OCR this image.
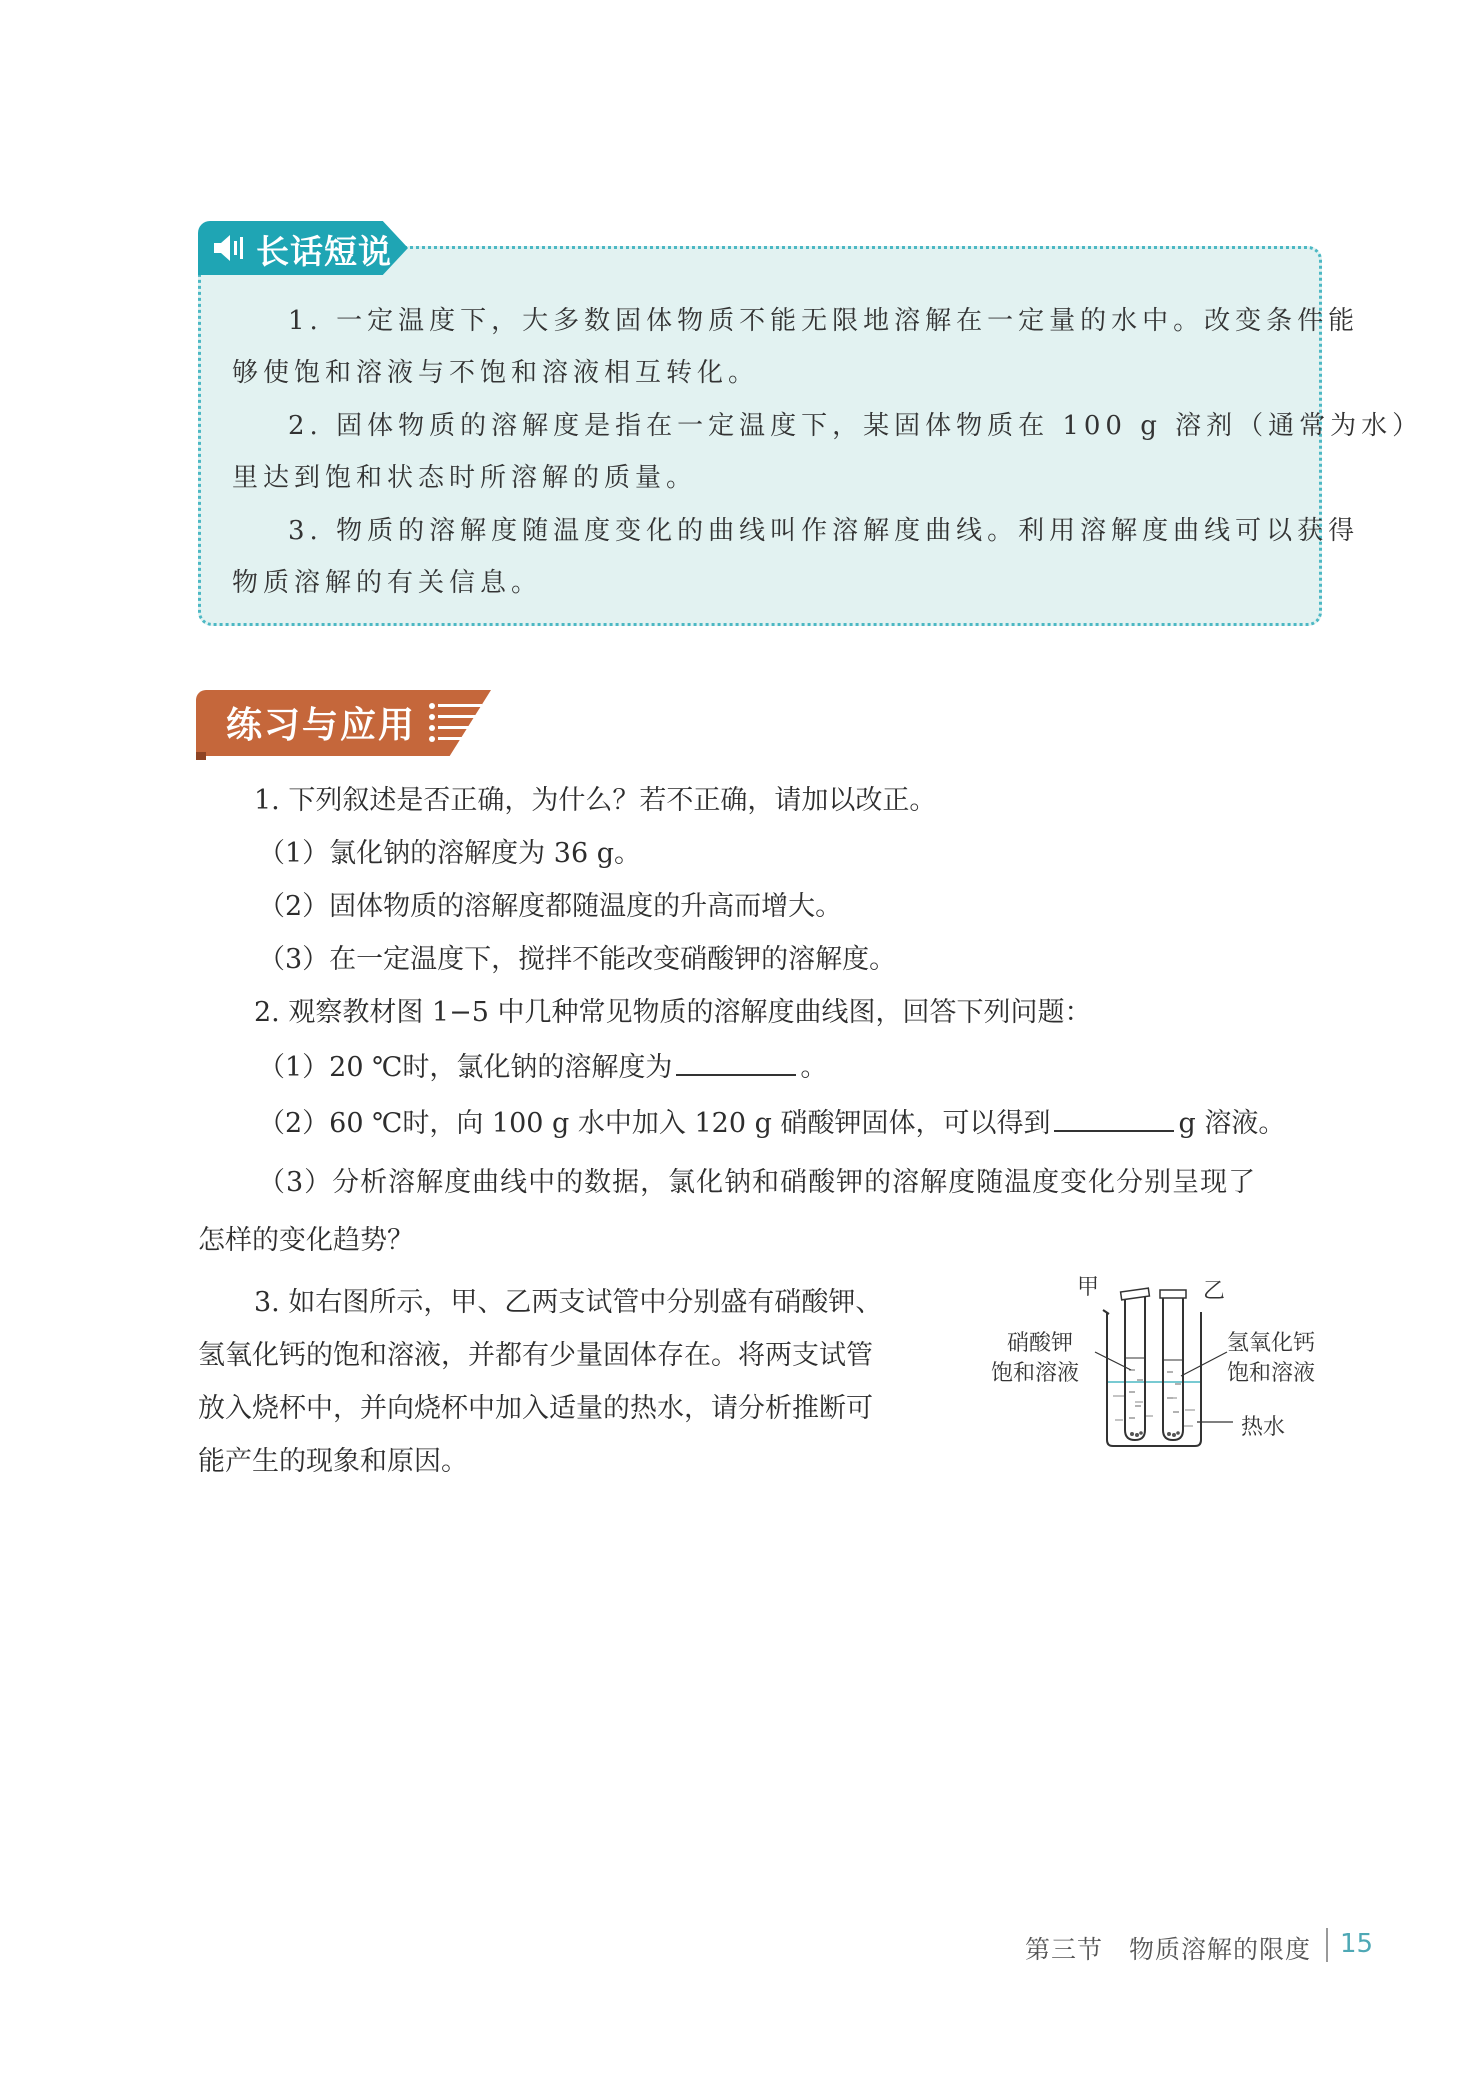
长话短说
1. 一定温度下，大多数固体物质不能无限地溶解在一定量的水中。改变条件能
够使饱和溶液与不饱和溶液相互转化。
2. 固体物质的溶解度是指在一定温度下，某固体物质在 100 g 溶剂（通常为水）
里达到饱和状态时所溶解的质量。
3. 物质的溶解度随温度变化的曲线叫作溶解度曲线。利用溶解度曲线可以获得
物质溶解的有关信息。
练习与应用
1. 下列叙述是否正确，为什么？若不正确，请加以改正。
（1）氯化钠的溶解度为 36 g。
（2）固体物质的溶解度都随温度的升高而增大。
（3）在一定温度下，搅拌不能改变硝酸钾的溶解度。
2. 观察教材图 1−5 中几种常见物质的溶解度曲线图，回答下列问题：
（1）20 ℃时，氯化钠的溶解度为	。
（2）60 ℃时，向 100 g 水中加入 120 g 硝酸钾固体，可以得到	g 溶液。
（3）分析溶解度曲线中的数据，氯化钠和硝酸钾的溶解度随温度变化分别呈现了
怎样的变化趋势？
3. 如右图所示，甲、乙两支试管中分别盛有硝酸钾、
氢氧化钙的饱和溶液，并都有少量固体存在。将两支试管
放入烧杯中，并向烧杯中加入适量的热水，请分析推断可
能产生的现象和原因。
甲	乙
硝酸钾
饱和溶液
氢氧化钙
饱和溶液
热水
第三节　物质溶解的限度 15
